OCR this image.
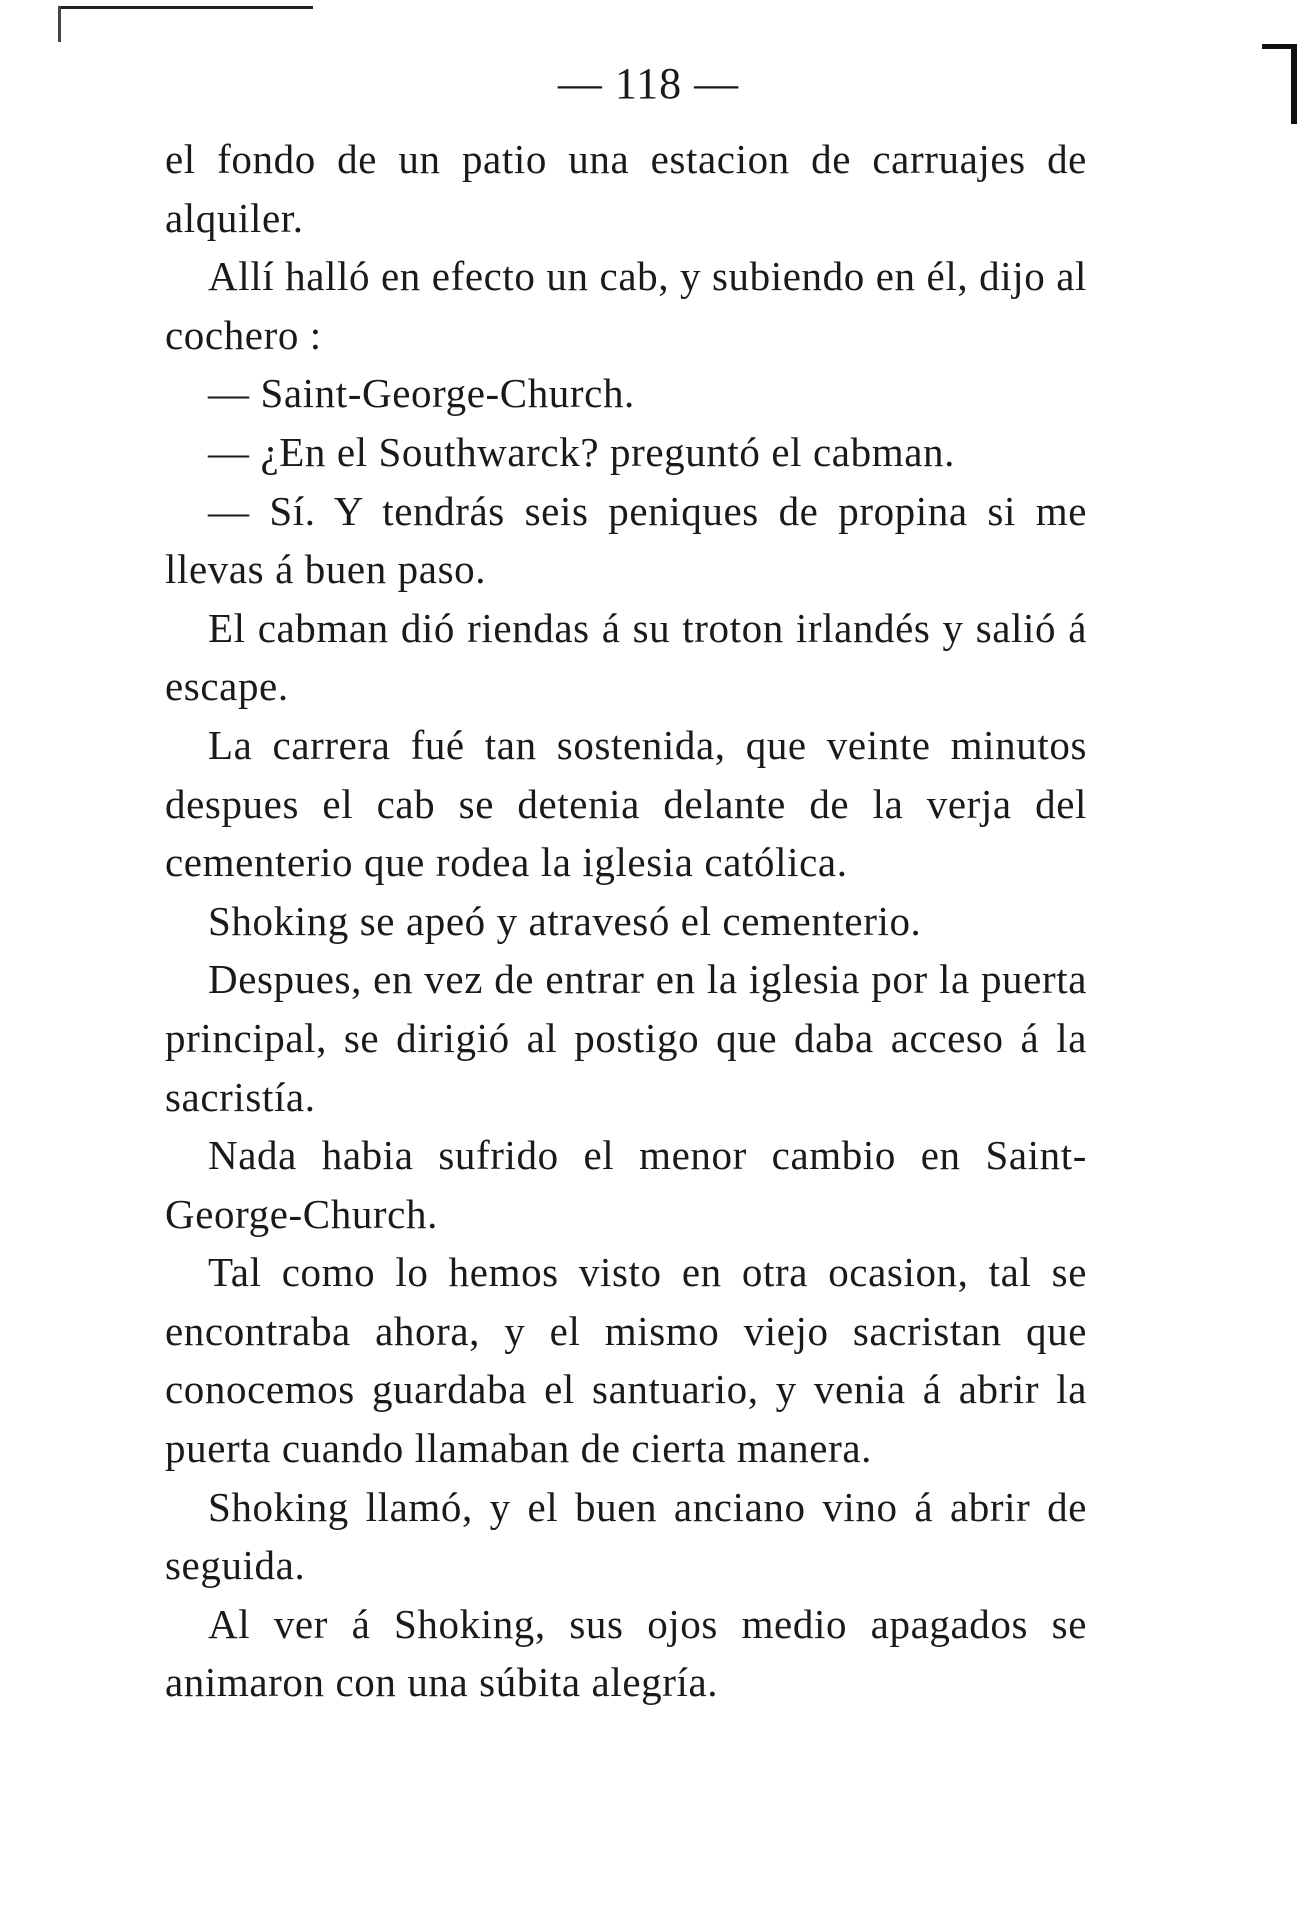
— 118 —

el fondo de un patio una estacion de carruajes de alquiler.

Allí halló en efecto un cab, y subiendo en él, dijo al cochero :

— Saint-George-Church.

— ¿En el Southwarck? preguntó el cabman.

— Sí. Y tendrás seis peniques de propina si me llevas á buen paso.

El cabman dió riendas á su troton irlandés y salió á escape.

La carrera fué tan sostenida, que veinte minutos despues el cab se detenia delante de la verja del cementerio que rodea la iglesia católica.

Shoking se apeó y atravesó el cementerio.

Despues, en vez de entrar en la iglesia por la puerta principal, se dirigió al postigo que daba acceso á la sacristía.

Nada habia sufrido el menor cambio en Saint-George-Church.

Tal como lo hemos visto en otra ocasion, tal se encontraba ahora, y el mismo viejo sacristan que conocemos guardaba el santuario, y venia á abrir la puerta cuando llamaban de cierta manera.

Shoking llamó, y el buen anciano vino á abrir de seguida.

Al ver á Shoking, sus ojos medio apagados se animaron con una súbita alegría.
